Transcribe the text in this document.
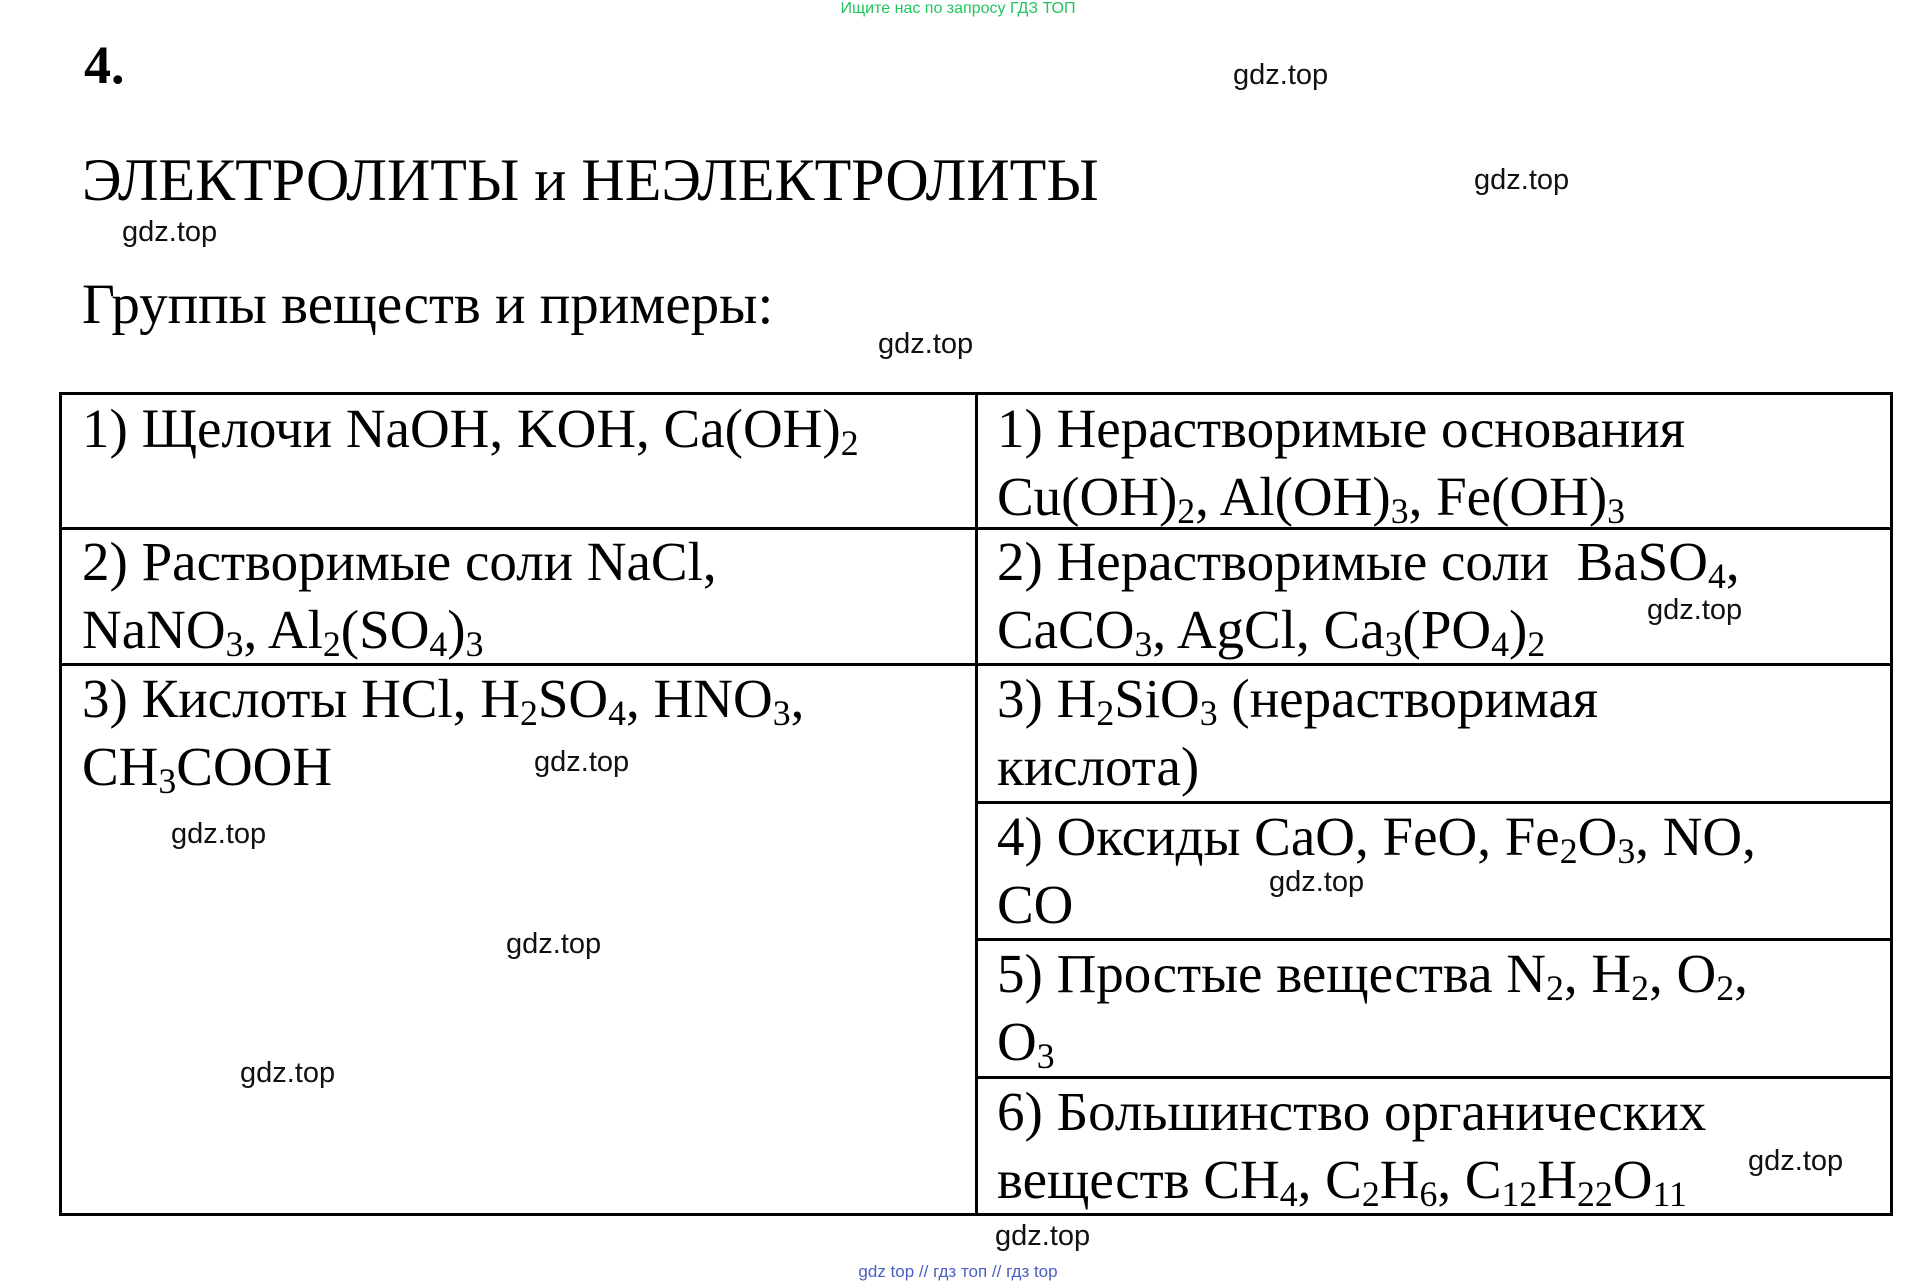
Ищите нас по запросу ГДЗ ТОП
4.
ЭЛЕКТРОЛИТЫ и НЕЭЛЕКТРОЛИТЫ
Группы веществ и примеры:
gdz.top
gdz.top
gdz.top
gdz.top
1) Щелочи NaOH, KOH, $Ca(OH)_2$
2) Растворимые соли NaCl,
NaNO$_3$, $Al_2(SO_4)_3$
3) Кислоты HCl, $H_2SO_4$, $HNO_3$,
$CH_3COOH$
1) Нерастворимые основания
$Cu(OH)_2$, $Al(OH)_3$, $Fe(OH)_3$
2) Нерастворимые соли  BaSO$_4$,
CaCO$_3$, AgCl, $Ca_3(PO_4)_2$
3) $H_2SiO_3$ (нерастворимая
кислота)
4) Оксиды CaO, FeO, $Fe_2O_3$, NO,
CO
5) Простые вещества $N_2$, $H_2$, $O_2$,
$O_3$
6) Большинство органических
веществ $CH_4$, $C_2H_6$, $C_{12}H_{22}O_{11}$
gdz.top
gdz.top
gdz.top
gdz.top
gdz.top
gdz.top
gdz.top
gdz.top
gdz top // гдз топ // гдз top
